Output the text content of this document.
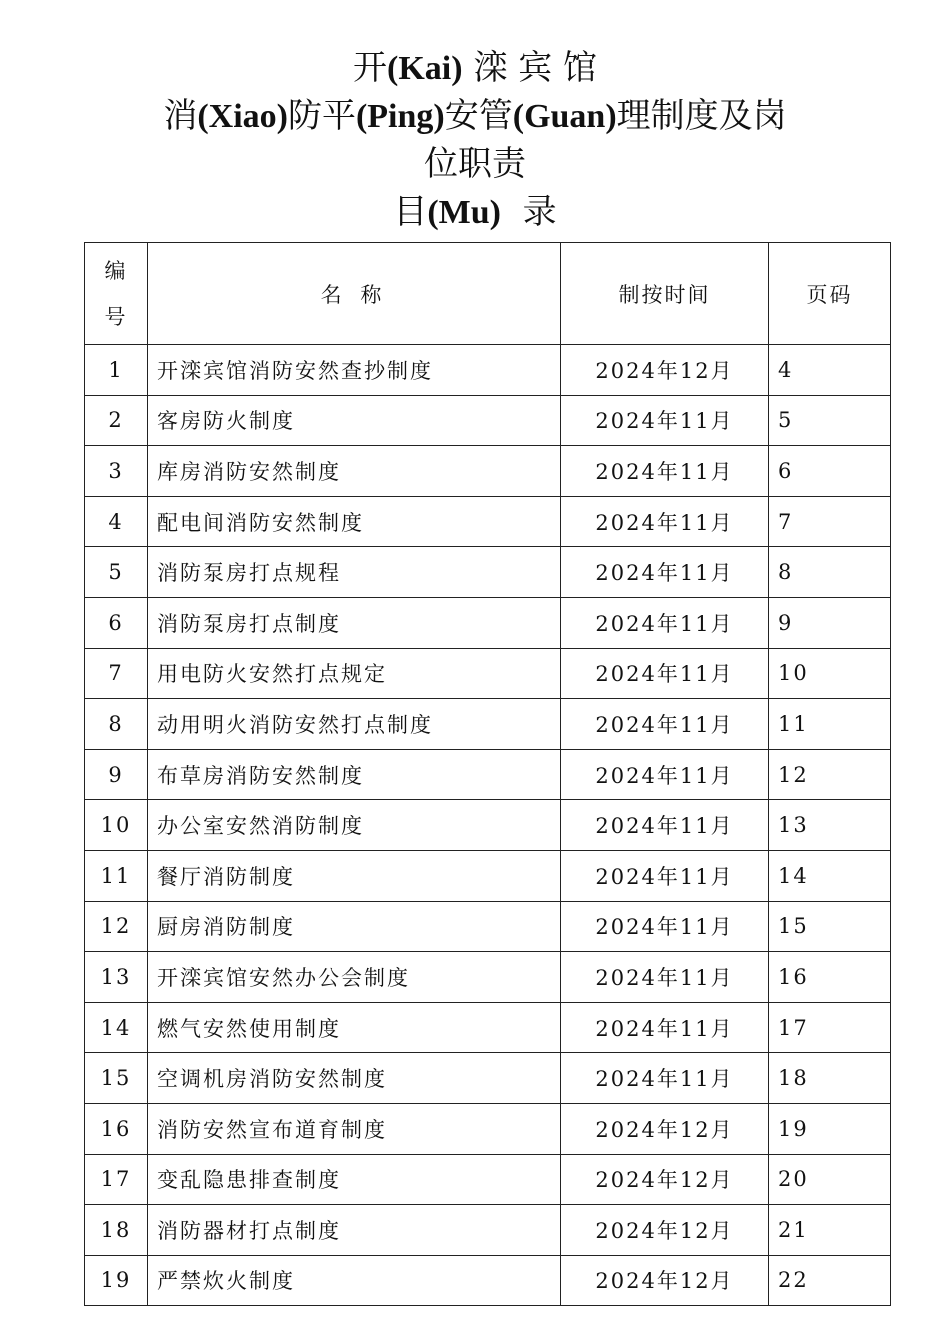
开(Kai) 滦 宾 馆
消(Xiao)防平(Ping)安管(Guan)理制度及岗
位职责
目(Mu)  录
编
号	名 称	制按时间	页码
1	开滦宾馆消防安然查抄制度	2024年12月	4
2	客房防火制度	2024年11月	5
3	库房消防安然制度	2024年11月	6
4	配电间消防安然制度	2024年11月	7
5	消防泵房打点规程	2024年11月	8
6	消防泵房打点制度	2024年11月	9
7	用电防火安然打点规定	2024年11月	10
8	动用明火消防安然打点制度	2024年11月	11
9	布草房消防安然制度	2024年11月	12
10	办公室安然消防制度	2024年11月	13
11	餐厅消防制度	2024年11月	14
12	厨房消防制度	2024年11月	15
13	开滦宾馆安然办公会制度	2024年11月	16
14	燃气安然使用制度	2024年11月	17
15	空调机房消防安然制度	2024年11月	18
16	消防安然宣布道育制度	2024年12月	19
17	变乱隐患排查制度	2024年12月	20
18	消防器材打点制度	2024年12月	21
19	严禁炊火制度	2024年12月	22
